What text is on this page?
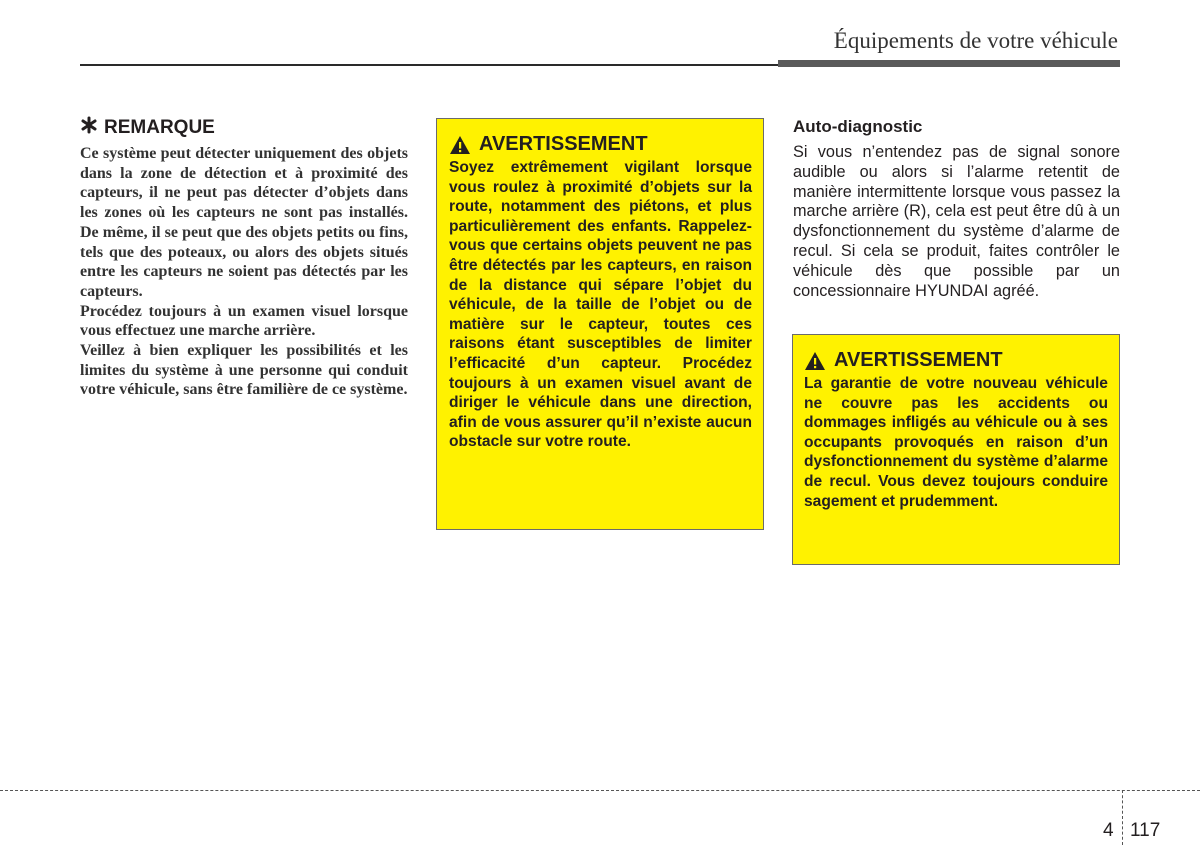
Équipements de votre véhicule
REMARQUE

Ce système peut détecter uniquement des objets dans la zone de détection et à proximité des capteurs, il ne peut pas détecter d’objets dans les zones où les capteurs ne sont pas installés. De même, il se peut que des objets petits ou fins, tels que des poteaux, ou alors des objets situés entre les capteurs ne soient pas détectés par les capteurs.

Procédez toujours à un examen visuel lorsque vous effectuez une marche arrière.

Veillez à bien expliquer les possibilités et les limites du système à une personne qui conduit votre véhicule, sans être familière de ce système.

AVERTISSEMENT

Soyez extrêmement vigilant lorsque vous roulez à proximité d’objets sur la route, notamment des piétons, et plus particulièrement des enfants. Rappelez-vous que certains objets peuvent ne pas être détectés par les capteurs, en raison de la distance qui sépare l’objet du véhicule, de la taille de l’objet ou de matière sur le capteur, toutes ces raisons étant susceptibles de limiter l’efficacité d’un capteur. Procédez toujours à un examen visuel avant de diriger le véhicule dans une direction, afin de vous assurer qu’il n’existe aucun obstacle sur votre route.

Auto-diagnostic

Si vous n’entendez pas de signal sonore audible ou alors si l’alarme retentit de manière intermittente lorsque vous passez la marche arrière (R), cela est peut être dû à un dysfonctionnement du système d’alarme de recul. Si cela se produit, faites contrôler le véhicule dès que possible par un concessionnaire HYUNDAI agréé.

AVERTISSEMENT

La garantie de votre nouveau véhicule ne couvre pas les accidents ou dommages infligés au véhicule ou à ses occupants provoqués en raison d’un dysfonctionnement du système d’alarme de recul. Vous devez toujours conduire sagement et prudemment.

4 117
